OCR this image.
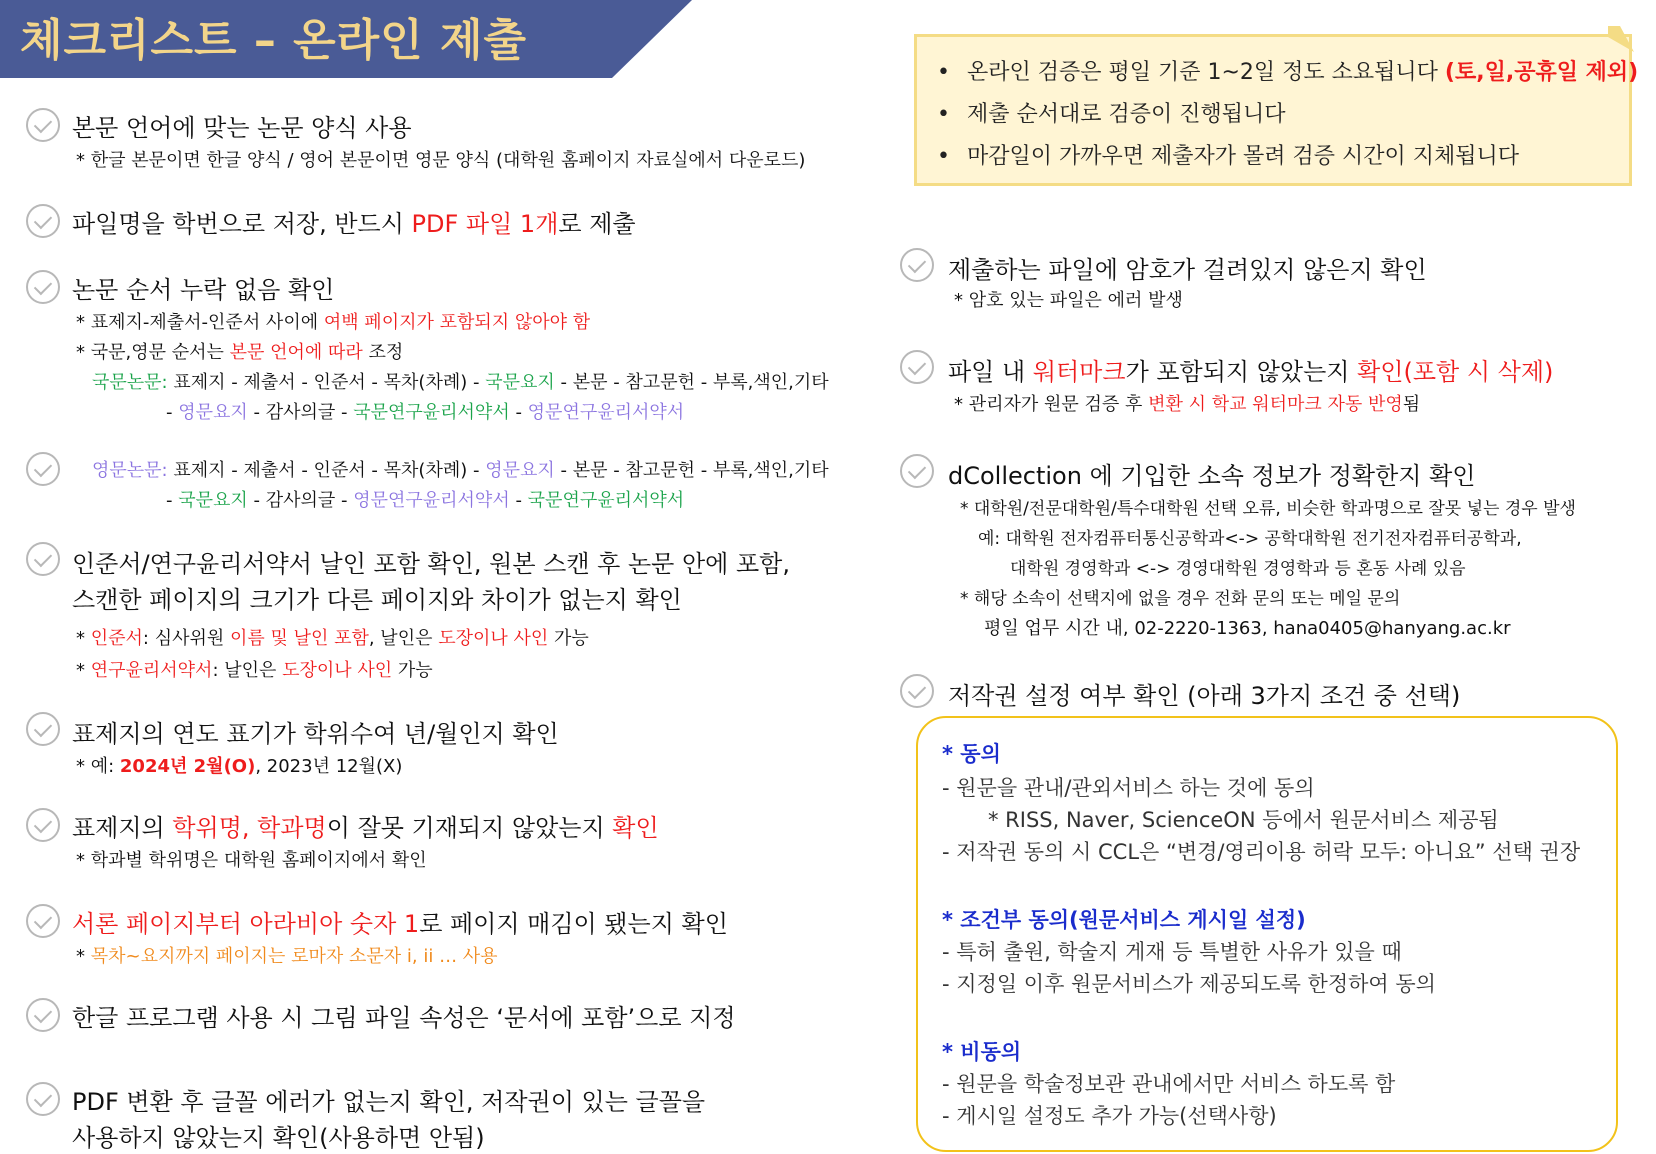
체크리스트 – 온라인 제출
• 온라인 검증은 평일 기준 1~2일 정도 소요됩니다 (토,일,공휴일 제외)
• 제출 순서대로 검증이 진행됩니다
• 마감일이 가까우면 제출자가 몰려 검증 시간이 지체됩니다
본문 언어에 맞는 논문 양식 사용
* 한글 본문이면 한글 양식 / 영어 본문이면 영문 양식 (대학원 홈페이지 자료실에서 다운로드)
파일명을 학번으로 저장, 반드시 PDF 파일 1개로 제출
논문 순서 누락 없음 확인
* 표제지-제출서-인준서 사이에 여백 페이지가 포함되지 않아야 함
* 국문,영문 순서는 본문 언어에 따라 조정
국문논문: 표제지 - 제출서 - 인준서 - 목차(차례) - 국문요지 - 본문 - 참고문헌 - 부록,색인,기타
- 영문요지 - 감사의글 - 국문연구윤리서약서 - 영문연구윤리서약서
영문논문: 표제지 - 제출서 - 인준서 - 목차(차례) - 영문요지 - 본문 - 참고문헌 - 부록,색인,기타
- 국문요지 - 감사의글 - 영문연구윤리서약서 - 국문연구윤리서약서
인준서/연구윤리서약서 날인 포함 확인, 원본 스캔 후 논문 안에 포함,
스캔한 페이지의 크기가 다른 페이지와 차이가 없는지 확인
* 인준서: 심사위원 이름 및 날인 포함, 날인은 도장이나 사인 가능
* 연구윤리서약서: 날인은 도장이나 사인 가능
표제지의 연도 표기가 학위수여 년/월인지 확인
* 예: 2024년 2월(O), 2023년 12월(X)
표제지의 학위명, 학과명이 잘못 기재되지 않았는지 확인
* 학과별 학위명은 대학원 홈페이지에서 확인
서론 페이지부터 아라비아 숫자 1로 페이지 매김이 됐는지 확인
* 목차~요지까지 페이지는 로마자 소문자 i, ii … 사용
한글 프로그램 사용 시 그림 파일 속성은 ‘문서에 포함’으로 지정
PDF 변환 후 글꼴 에러가 없는지 확인, 저작권이 있는 글꼴을
사용하지 않았는지 확인(사용하면 안됨)
제출하는 파일에 암호가 걸려있지 않은지 확인
* 암호 있는 파일은 에러 발생
파일 내 워터마크가 포함되지 않았는지 확인(포함 시 삭제)
* 관리자가 원문 검증 후 변환 시 학교 워터마크 자동 반영됨
dCollection 에 기입한 소속 정보가 정확한지 확인
* 대학원/전문대학원/특수대학원 선택 오류, 비슷한 학과명으로 잘못 넣는 경우 발생
예: 대학원 전자컴퓨터통신공학과<-> 공학대학원 전기전자컴퓨터공학과,
대학원 경영학과 <-> 경영대학원 경영학과 등 혼동 사례 있음
* 해당 소속이 선택지에 없을 경우 전화 문의 또는 메일 문의
평일 업무 시간 내, 02-2220-1363, hana0405@hanyang.ac.kr
저작권 설정 여부 확인 (아래 3가지 조건 중 선택)
* 동의
- 원문을 관내/관외서비스 하는 것에 동의
* RISS, Naver, ScienceON 등에서 원문서비스 제공됨
- 저작권 동의 시 CCL은 “변경/영리이용 허락 모두: 아니요” 선택 권장
* 조건부 동의(원문서비스 게시일 설정)
- 특허 출원, 학술지 게재 등 특별한 사유가 있을 때
- 지정일 이후 원문서비스가 제공되도록 한정하여 동의
* 비동의
- 원문을 학술정보관 관내에서만 서비스 하도록 함
- 게시일 설정도 추가 가능(선택사항)
